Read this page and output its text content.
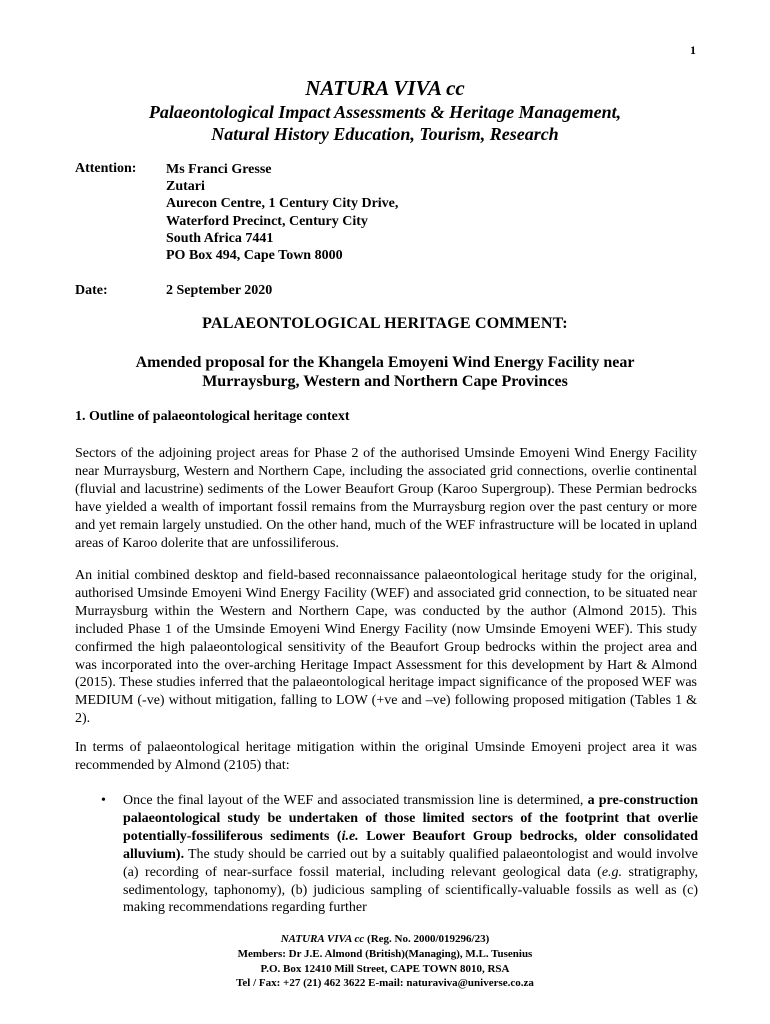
1
NATURA VIVA cc
Palaeontological Impact Assessments & Heritage Management,
Natural History Education, Tourism, Research
Attention: Ms Franci Gresse
Zutari
Aurecon Centre, 1 Century City Drive,
Waterford Precinct, Century City
South Africa 7441
PO Box 494, Cape Town 8000
Date:	2 September 2020
PALAEONTOLOGICAL HERITAGE COMMENT:
Amended proposal for the Khangela Emoyeni Wind Energy Facility near Murraysburg, Western and Northern Cape Provinces
1. Outline of palaeontological heritage context
Sectors of the adjoining project areas for Phase 2 of the authorised Umsinde Emoyeni Wind Energy Facility near Murraysburg, Western and Northern Cape, including the associated grid connections, overlie continental (fluvial and lacustrine) sediments of the Lower Beaufort Group (Karoo Supergroup). These Permian bedrocks have yielded a wealth of important fossil remains from the Murraysburg region over the past century or more and yet remain largely unstudied. On the other hand, much of the WEF infrastructure will be located in upland areas of Karoo dolerite that are unfossiliferous.
An initial combined desktop and field-based reconnaissance palaeontological heritage study for the original, authorised Umsinde Emoyeni Wind Energy Facility (WEF) and associated grid connection, to be situated near Murraysburg within the Western and Northern Cape, was conducted by the author (Almond 2015). This included Phase 1 of the Umsinde Emoyeni Wind Energy Facility (now Umsinde Emoyeni WEF). This study confirmed the high palaeontological sensitivity of the Beaufort Group bedrocks within the project area and was incorporated into the over-arching Heritage Impact Assessment for this development by Hart & Almond (2015). These studies inferred that the palaeontological heritage impact significance of the proposed WEF was MEDIUM (-ve) without mitigation, falling to LOW (+ve and –ve) following proposed mitigation (Tables 1 & 2).
In terms of palaeontological heritage mitigation within the original Umsinde Emoyeni project area it was recommended by Almond (2105) that:
• Once the final layout of the WEF and associated transmission line is determined, a pre-construction palaeontological study be undertaken of those limited sectors of the footprint that overlie potentially-fossiliferous sediments (i.e. Lower Beaufort Group bedrocks, older consolidated alluvium). The study should be carried out by a suitably qualified palaeontologist and would involve (a) recording of near-surface fossil material, including relevant geological data (e.g. stratigraphy, sedimentology, taphonomy), (b) judicious sampling of scientifically-valuable fossils as well as (c) making recommendations regarding further
NATURA VIVA cc (Reg. No. 2000/019296/23)
Members: Dr J.E. Almond (British)(Managing), M.L. Tusenius
P.O. Box 12410 Mill Street, CAPE TOWN 8010, RSA
Tel / Fax: +27 (21) 462 3622 E-mail: naturaviva@universe.co.za
